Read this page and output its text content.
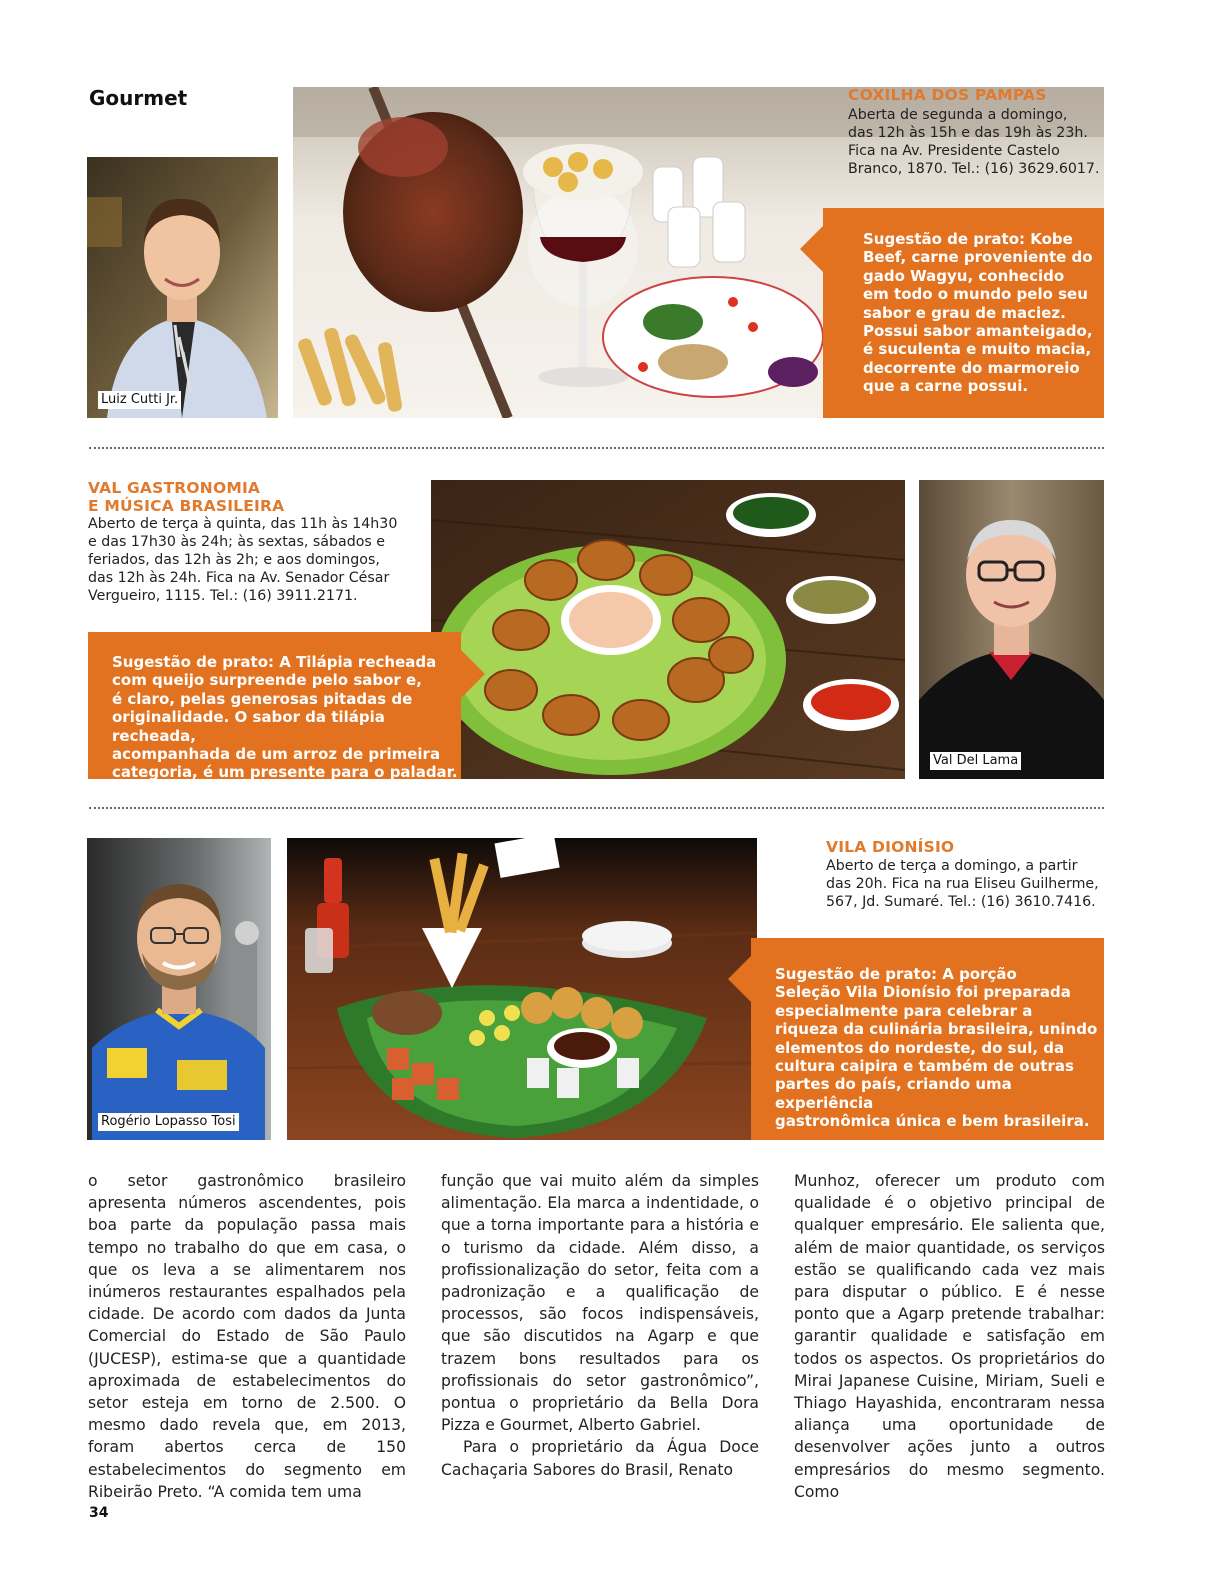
Gourmet
Luiz Cutti Jr.
COXILHA DOS PAMPAS
Aberta de segunda a domingo,
das 12h às 15h e das 19h às 23h.
Fica na Av. Presidente Castelo
Branco, 1870. Tel.: (16) 3629.6017.
Sugestão de prato: Kobe
Beef, carne proveniente do
gado Wagyu, conhecido
em todo o mundo pelo seu
sabor e grau de maciez.
Possui sabor amanteigado,
é suculenta e muito macia,
decorrente do marmoreio
que a carne possui.
VAL GASTRONOMIA
E MÚSICA BRASILEIRA
Aberto de terça à quinta, das 11h às 14h30
e das 17h30 às 24h; às sextas, sábados e
feriados, das 12h às 2h; e aos domingos,
das 12h às 24h. Fica na Av. Senador César
Vergueiro, 1115. Tel.: (16) 3911.2171.
Val Del Lama
Sugestão de prato: A Tilápia recheada
com queijo surpreende pelo sabor e,
é claro, pelas generosas pitadas de
originalidade. O sabor da tilápia recheada,
acompanhada de um arroz de primeira
categoria, é um presente para o paladar.
Rogério Lopasso Tosi
VILA DIONÍSIO
Aberto de terça a domingo, a partir
das 20h. Fica na rua Eliseu Guilherme,
567, Jd. Sumaré. Tel.: (16) 3610.7416.
Sugestão de prato: A porção
Seleção Vila Dionísio foi preparada
especialmente para celebrar a
riqueza da culinária brasileira, unindo
elementos do nordeste, do sul, da
cultura caipira e também de outras
partes do país, criando uma experiência
gastronômica única e bem brasileira.

o setor gastronômico brasileiro apresenta números ascendentes, pois boa parte da população passa mais tempo no trabalho do que em casa, o que os leva a se alimentarem nos inúmeros restaurantes espalhados pela cidade. De acordo com dados da Junta Comercial do Estado de São Paulo (JUCESP), estima-se que a quantidade aproximada de estabelecimentos do setor esteja em torno de 2.500. O mesmo dado revela que, em 2013, foram abertos cerca de 150 estabelecimentos do segmento em Ribeirão Preto. “A comida tem uma

função que vai muito além da simples alimentação. Ela marca a indentidade, o que a torna importante para a história e o turismo da cidade. Além disso, a profissionalização do setor, feita com a padronização e a qualificação de processos, são focos indispensáveis, que são discutidos na Agarp e que trazem bons resultados para os profissionais do setor gastronômico”, pontua o proprietário da Bella Dora Pizza e Gourmet, Alberto Gabriel.

Para o proprietário da Água Doce Cachaçaria Sabores do Brasil, Renato

Munhoz, oferecer um produto com qualidade é o objetivo principal de qualquer empresário. Ele salienta que, além de maior quantidade, os serviços estão se qualificando cada vez mais para disputar o público. E é nesse ponto que a Agarp pretende trabalhar: garantir qualidade e satisfação em todos os aspectos. Os proprietários do Mirai Japanese Cuisine, Miriam, Sueli e Thiago Hayashida, encontraram nessa aliança uma oportunidade de desenvolver ações junto a outros empresários do mesmo segmento. Como

34
